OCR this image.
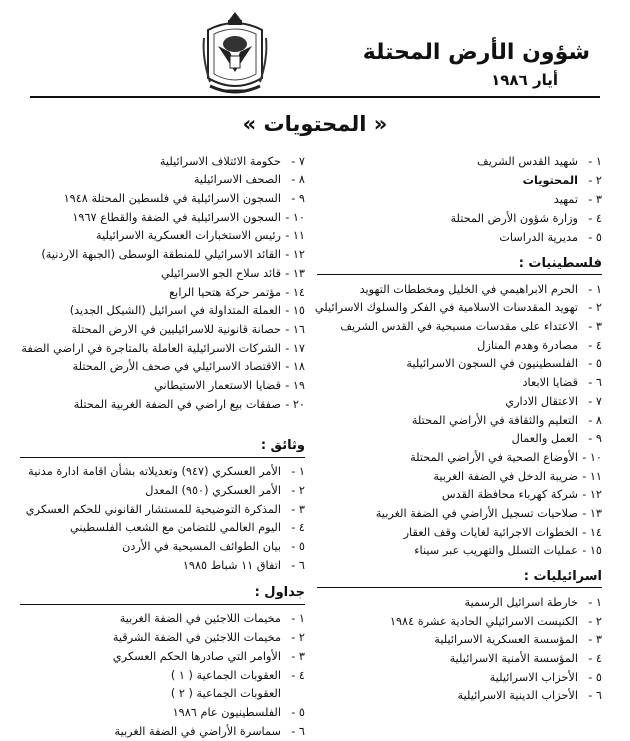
شؤون الأرض المحتلة
أيار ١٩٨٦
« المحتويات »
١ -
شهيد القدس الشريف
٢ -
المحتويات
٣ -
تمهيد
٤ -
وزارة شؤون الأرض المحتلة
٥ -
مديرية الدراسات
فلسطينيات :
١ -
الحرم الابراهيمي في الخليل ومخططات التهويد
٢ -
تهويد المقدسات الاسلامية في الفكر والسلوك الاسرائيلي
٣ -
الاعتداء على مقدسات مسيحية في القدس الشريف
٤ -
مصادرة وهدم المنازل
٥ -
الفلسطينيون في السجون الاسرائيلية
٦ -
قضايا الابعاد
٧ -
الاعتقال الاداري
٨ -
التعليم والثقافة في الأراضي المحتلة
٩ -
العمل والعمال
١٠ -
الأوضاع الصحية في الأراضي المحتلة
١١ -
ضريبة الدخل في الضفة الغربية
١٢ -
شركة كهرباء محافظة القدس
١٣ -
صلاحيات تسجيل الأراضي في الضفة الغربية
١٤ -
الخطوات الاجرائية لغايات وقف العقار
١٥ -
عمليات التسلل والتهريب عبر سيناء
اسرائيليات :
١ -
خارطة اسرائيل الرسمية
٢ -
الكنيست الاسرائيلي الحادية عشرة ١٩٨٤
٣ -
المؤسسة العسكرية الاسرائيلية
٤ -
المؤسسة الأمنية الاسرائيلية
٥ -
الأحزاب الاسرائيلية
٦ -
الأحزاب الدينية الاسرائيلية
٧ -
حكومة الائتلاف الاسرائيلية
٨ -
الصحف الاسرائيلية
٩ -
السجون الاسرائيلية في فلسطين المحتلة ١٩٤٨
١٠ -
السجون الاسرائيلية في الضفة والقطاع ١٩٦٧
١١ -
رئيس الاستخبارات العسكرية الاسرائيلية
١٢ -
القائد الاسرائيلي للمنطقة الوسطى (الجبهة الاردنية)
١٣ -
قائد سلاح الجو الاسرائيلي
١٤ -
مؤتمر حركة هتحيا الرابع
١٥ -
العملة المتداولة في اسرائيل (الشيكل الجديد)
١٦ -
حصانة قانونية للاسرائيليين في الارض المحتلة
١٧ -
الشركات الاسرائيلية العاملة بالمتاجرة في اراضي الضفة
١٨ -
الاقتصاد الاسرائيلي في صحف الأرض المحتلة
١٩ -
قضايا الاستعمار الاستيطاني
٢٠ -
صفقات بيع اراضي في الضفة الغربية المحتلة
وثائق :
١ -
الأمر العسكري (٩٤٧) وتعديلاته بشأن اقامة ادارة مدنية
٢ -
الأمر العسكري (٩٥٠) المعدل
٣ -
المذكرة التوضيحية للمستشار القانوني للحكم العسكري
٤ -
اليوم العالمي للتضامن مع الشعب الفلسطيني
٥ -
بيان الطوائف المسيحية في الأردن
٦ -
اتفاق ١١ شباط ١٩٨٥
جداول :
١ -
مخيمات اللاجئين في الضفة الغربية
٢ -
مخيمات اللاجئين في الضفة الشرقية
٣ -
الأوامر التي صادرها الحكم العسكري
٤ -
العقوبات الجماعية ( ١ )
العقوبات الجماعية ( ٢ )
٥ -
الفلسطينيون عام ١٩٨٦
٦ -
سماسرة الأراضي في الضفة الغربية
